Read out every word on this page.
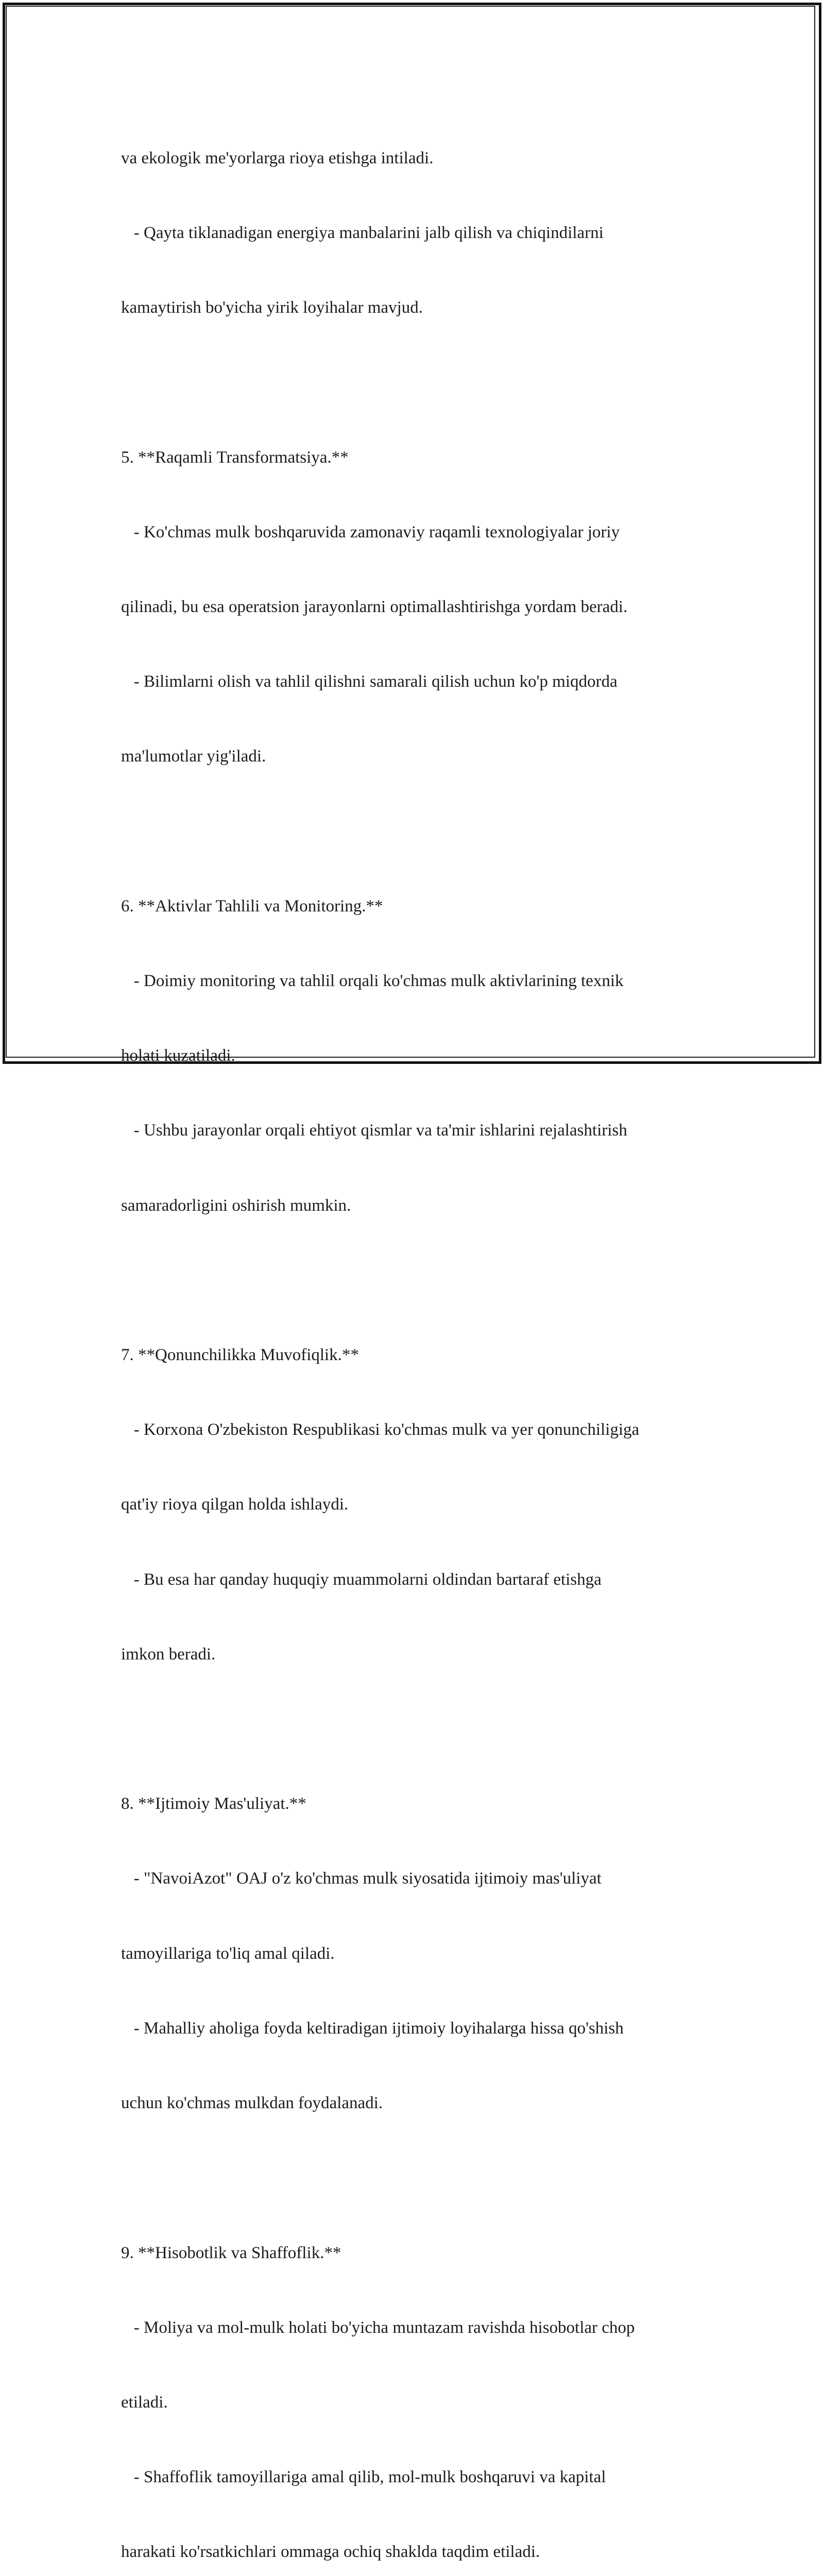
va ekologik me'yorlarga rioya etishga intiladi.

- Qayta tiklanadigan energiya manbalarini jalb qilish va chiqindilarni

kamaytirish bo'yicha yirik loyihalar mavjud.

5. **Raqamli Transformatsiya.**

- Ko'chmas mulk boshqaruvida zamonaviy raqamli texnologiyalar joriy

qilinadi, bu esa operatsion jarayonlarni optimallashtirishga yordam beradi.

- Bilimlarni olish va tahlil qilishni samarali qilish uchun ko'p miqdorda

ma'lumotlar yig'iladi.

6. **Aktivlar Tahlili va Monitoring.**

- Doimiy monitoring va tahlil orqali ko'chmas mulk aktivlarining texnik

holati kuzatiladi.

- Ushbu jarayonlar orqali ehtiyot qismlar va ta'mir ishlarini rejalashtirish

samaradorligini oshirish mumkin.

7. **Qonunchilikka Muvofiqlik.**

- Korxona O'zbekiston Respublikasi ko'chmas mulk va yer qonunchiligiga

qat'iy rioya qilgan holda ishlaydi.

- Bu esa har qanday huquqiy muammolarni oldindan bartaraf etishga

imkon beradi.

8. **Ijtimoiy Mas'uliyat.**

- "NavoiAzot" OAJ o'z ko'chmas mulk siyosatida ijtimoiy mas'uliyat

tamoyillariga to'liq amal qiladi.

- Mahalliy aholiga foyda keltiradigan ijtimoiy loyihalarga hissa qo'shish

uchun ko'chmas mulkdan foydalanadi.

9. **Hisobotlik va Shaffoflik.**

- Moliya va mol-mulk holati bo'yicha muntazam ravishda hisobotlar chop

etiladi.

- Shaffoflik tamoyillariga amal qilib, mol-mulk boshqaruvi va kapital

harakati ko'rsatkichlari ommaga ochiq shaklda taqdim etiladi.
